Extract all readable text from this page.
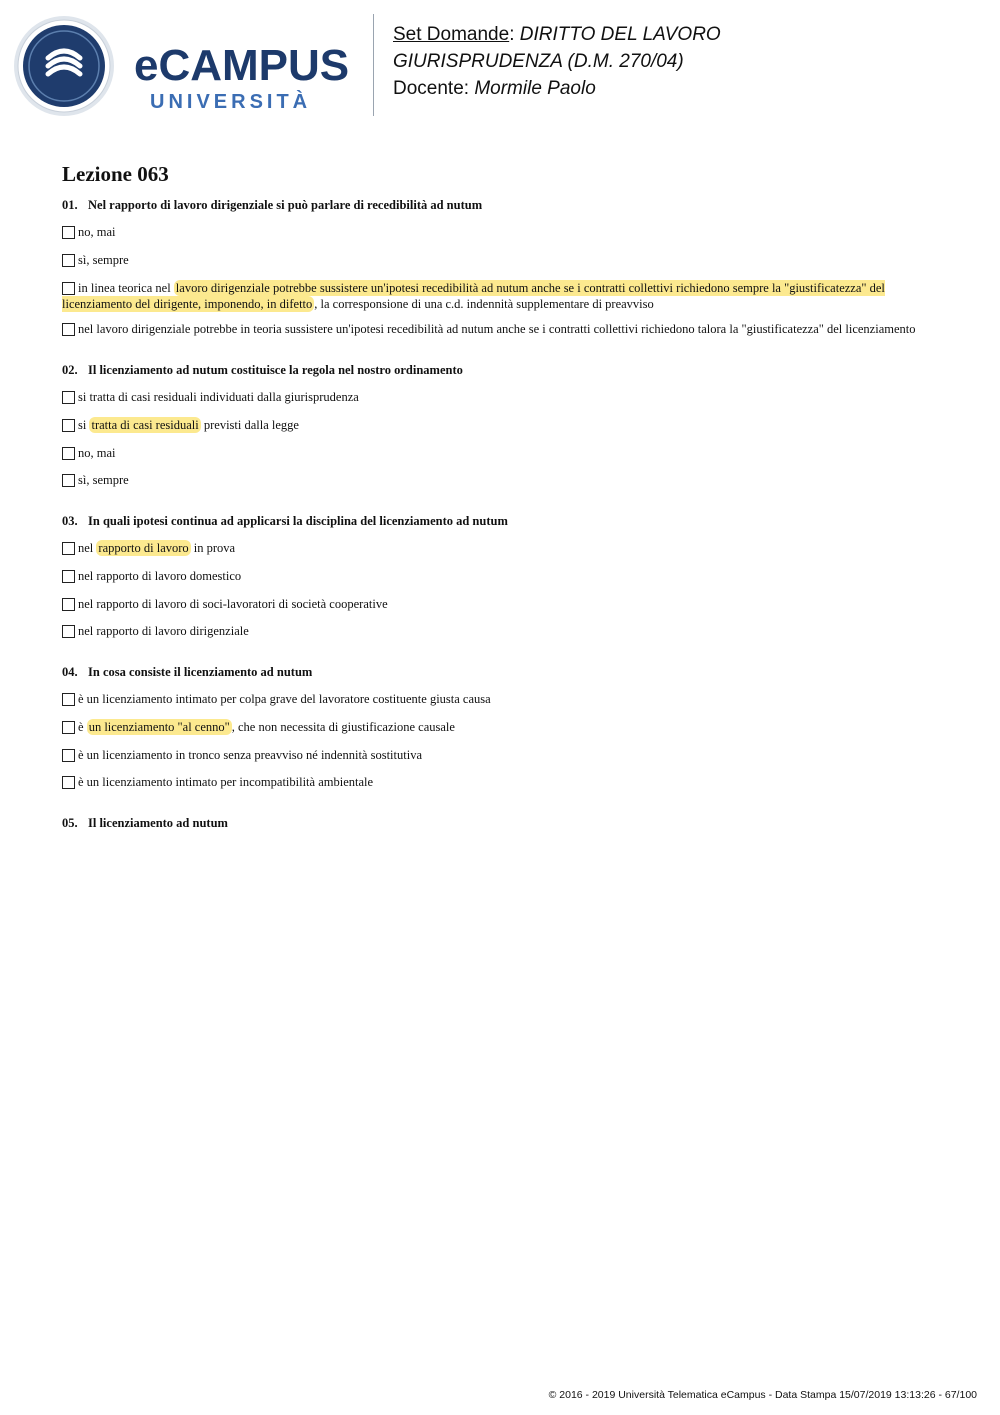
eCAMPUS
UNIVERSITÀ
Set Domande: DIRITTO DEL LAVORO
GIURISPRUDENZA (D.M. 270/04)
Docente: Mormile Paolo
Lezione 063
01. Nel rapporto di lavoro dirigenziale si può parlare di recedibilità ad nutum
no, mai
sì, sempre
in linea teorica nel lavoro dirigenziale potrebbe sussistere un'ipotesi recedibilità ad nutum anche se i contratti collettivi richiedono sempre la "giustificatezza" del licenziamento del dirigente, imponendo, in difetto , la corresponsione di una c.d. indennità supplementare di preavviso
nel lavoro dirigenziale potrebbe in teoria sussistere un'ipotesi recedibilità ad nutum anche se i contratti collettivi richiedono talora la "giustificatezza" del licenziamento
02. Il licenziamento ad nutum costituisce la regola nel nostro ordinamento
si tratta di casi residuali individuati dalla giurisprudenza
si tratta di casi residuali previsti dalla legge
no, mai
sì, sempre
03. In quali ipotesi continua ad applicarsi la disciplina del licenziamento ad nutum
nel rapporto di lavoro in prova
nel rapporto di lavoro domestico
nel rapporto di lavoro di soci-lavoratori di società cooperative
nel rapporto di lavoro dirigenziale
04. In cosa consiste il licenziamento ad nutum
è un licenziamento intimato per colpa grave del lavoratore costituente giusta causa
è un licenziamento "al cenno" , che non necessita di giustificazione causale
è un licenziamento in tronco senza preavviso né indennità sostitutiva
è un licenziamento intimato per incompatibilità ambientale
05. Il licenziamento ad nutum
© 2016 - 2019 Università Telematica eCampus - Data Stampa 15/07/2019 13:13:26 - 67/100
